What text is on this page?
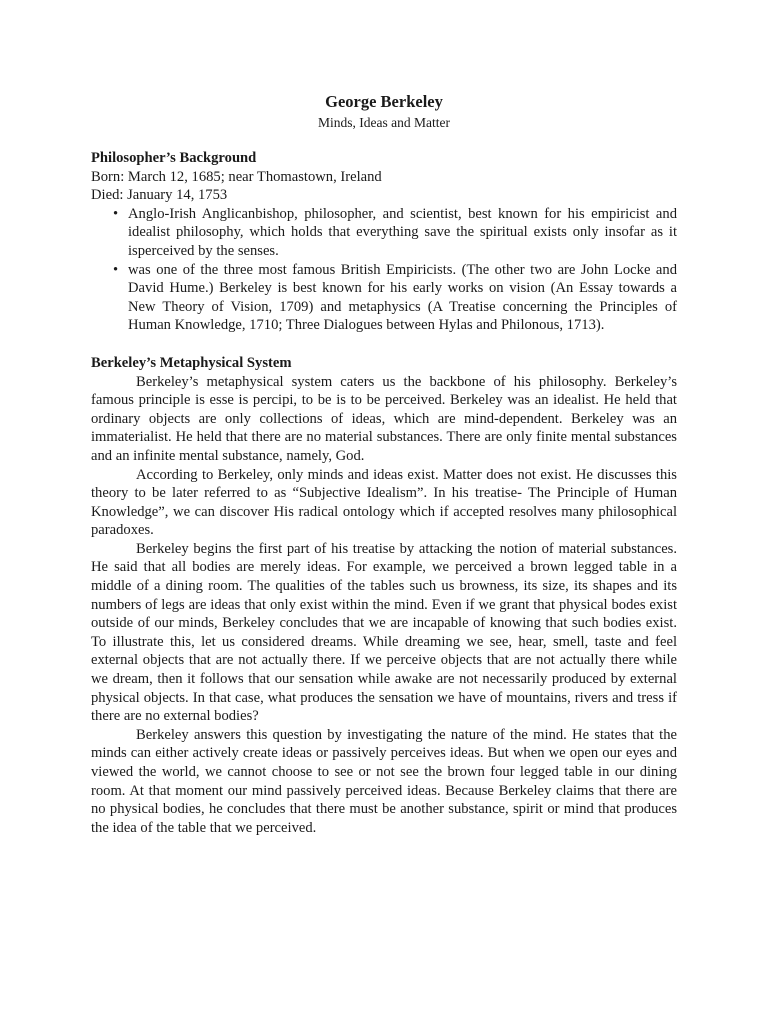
George Berkeley
Minds, Ideas and Matter
Philosopher’s Background
Born: March 12, 1685; near Thomastown, Ireland
Died: January 14, 1753
• Anglo-Irish Anglicanbishop, philosopher, and scientist, best known for his empiricist and idealist philosophy, which holds that everything save the spiritual exists only insofar as it isperceived by the senses.
• was one of the three most famous British Empiricists. (The other two are John Locke and David Hume.) Berkeley is best known for his early works on vision (An Essay towards a New Theory of Vision, 1709) and metaphysics (A Treatise concerning the Principles of Human Knowledge, 1710; Three Dialogues between Hylas and Philonous, 1713).
Berkeley’s Metaphysical System

Berkeley’s metaphysical system caters us the backbone of his philosophy. Berkeley’s famous principle is esse is percipi, to be is to be perceived. Berkeley was an idealist. He held that ordinary objects are only collections of ideas, which are mind-dependent. Berkeley was an immaterialist. He held that there are no material substances. There are only finite mental substances and an infinite mental substance, namely, God.

According to Berkeley, only minds and ideas exist. Matter does not exist. He discusses this theory to be later referred to as “Subjective Idealism”. In his treatise- The Principle of Human Knowledge”, we can discover His radical ontology which if accepted resolves many philosophical paradoxes.

Berkeley begins the first part of his treatise by attacking the notion of material substances. He said that all bodies are merely ideas. For example, we perceived a brown legged table in a middle of a dining room. The qualities of the tables such us browness, its size, its shapes and its numbers of legs are ideas that only exist within the mind. Even if we grant that physical bodes exist outside of our minds, Berkeley concludes that we are incapable of knowing that such bodies exist. To illustrate this, let us considered dreams. While dreaming we see, hear, smell, taste and feel external objects that are not actually there. If we perceive objects that are not actually there while we dream, then it follows that our sensation while awake are not necessarily produced by external physical objects. In that case, what produces the sensation we have of mountains, rivers and tress if there are no external bodies?

Berkeley answers this question by investigating the nature of the mind. He states that the minds can either actively create ideas or passively perceives ideas. But when we open our eyes and viewed the world, we cannot choose to see or not see the brown four legged table in our dining room. At that moment our mind passively perceived ideas. Because Berkeley claims that there are no physical bodies, he concludes that there must be another substance, spirit or mind that produces the idea of the table that we perceived.
